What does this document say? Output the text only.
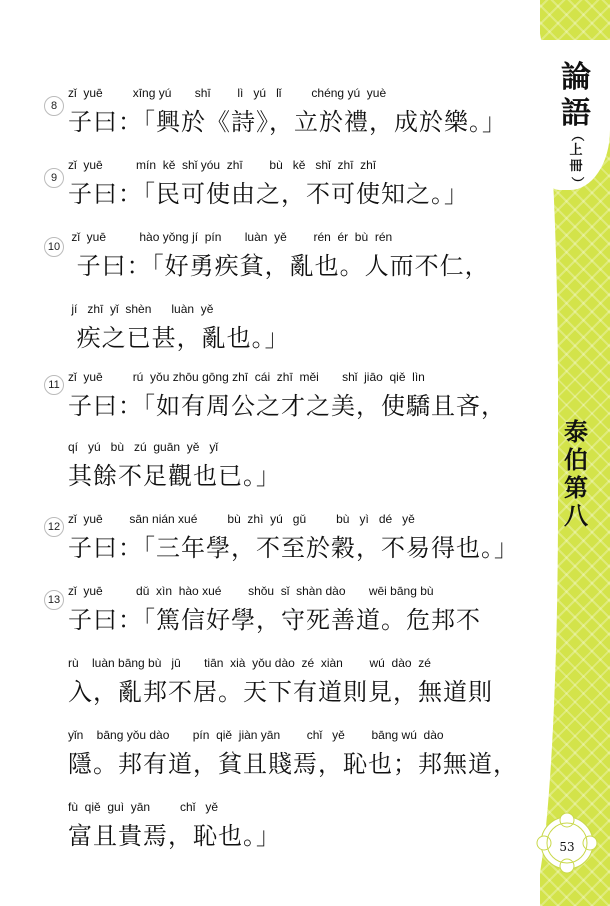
8
zǐ  yuē         xīng yú       shī        lì   yú   lǐ         chéng yú  yuè
子曰：「興於《詩》，立於禮，成於樂。」
9
zǐ  yuē          mín  kě  shǐ yóu  zhī        bù   kě   shǐ  zhī  zhī
子曰：「民可使由之，不可使知之。」
10
zǐ  yuē          hào yǒng jí  pín       luàn  yě        rén  ér  bù  rén
子曰：「好勇疾貧，亂也。人而不仁，
jí   zhī  yǐ  shèn      luàn  yě
疾之已甚，亂也。」
11
zǐ  yuē         rú  yǒu zhōu gōng zhī  cái  zhī  měi       shǐ  jiāo  qiě  lìn
子曰：「如有周公之才之美，使驕且吝，
qí   yú   bù   zú  guān  yě   yǐ
其餘不足觀也已。」
12
zǐ  yuē        sān nián xué         bù  zhì  yú   gǔ         bù   yì   dé   yě
子曰：「三年學，不至於穀，不易得也。」
13
zǐ  yuē          dǔ  xìn  hào xué        shǒu  sǐ  shàn dào       wēi bāng bù
子曰：「篤信好學，守死善道。危邦不
rù    luàn bāng bù   jū       tiān  xià  yǒu dào  zé  xiàn        wú  dào  zé
入，亂邦不居。天下有道則見，無道則
yǐn    bāng yǒu dào       pín  qiě  jiàn yān        chǐ   yě        bāng wú  dào
隱。邦有道，貧且賤焉，恥也；邦無道，
fù  qiě  guì  yān         chǐ   yě
富且貴焉，恥也。」
論
語
（
上
冊
）
泰
伯
第
八
53
